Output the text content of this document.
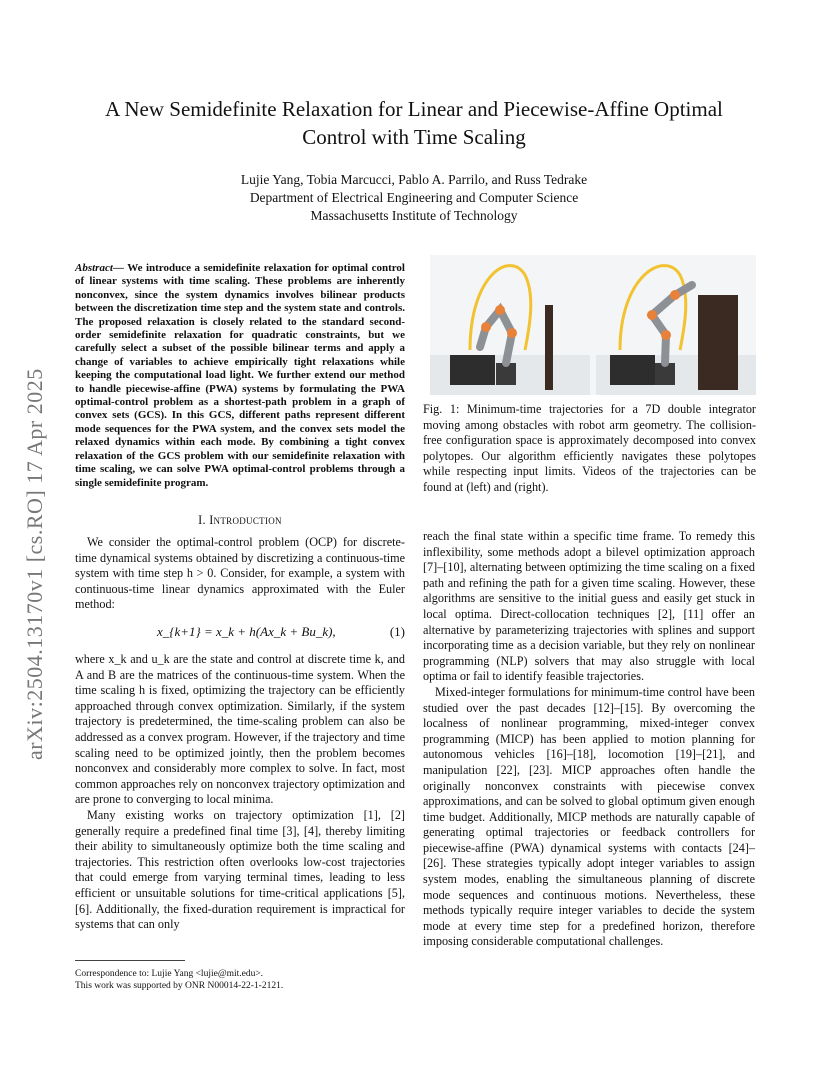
arXiv:2504.13170v1 [cs.RO] 17 Apr 2025
A New Semidefinite Relaxation for Linear and Piecewise-Affine Optimal
Control with Time Scaling
Lujie Yang, Tobia Marcucci, Pablo A. Parrilo, and Russ Tedrake
Department of Electrical Engineering and Computer Science
Massachusetts Institute of Technology
Abstract— We introduce a semidefinite relaxation for optimal control of linear systems with time scaling. These problems are inherently nonconvex, since the system dynamics involves bilinear products between the discretization time step and the system state and controls. The proposed relaxation is closely related to the standard second-order semidefinite relaxation for quadratic constraints, but we carefully select a subset of the possible bilinear terms and apply a change of variables to achieve empirically tight relaxations while keeping the computational load light. We further extend our method to handle piecewise-affine (PWA) systems by formulating the PWA optimal-control problem as a shortest-path problem in a graph of convex sets (GCS). In this GCS, different paths represent different mode sequences for the PWA system, and the convex sets model the relaxed dynamics within each mode. By combining a tight convex relaxation of the GCS problem with our semidefinite relaxation with time scaling, we can solve PWA optimal-control problems through a single semidefinite program.
I. Introduction

We consider the optimal-control problem (OCP) for discrete-time dynamical systems obtained by discretizing a continuous-time system with time step h > 0. Consider, for example, a system with continuous-time linear dynamics approximated with the Euler method:

x_{k+1} = x_k + h(Ax_k + Bu_k),	(1)

where x_k and u_k are the state and control at discrete time k, and A and B are the matrices of the continuous-time system. When the time scaling h is fixed, optimizing the trajectory can be efficiently approached through convex optimization. Similarly, if the system trajectory is predetermined, the time-scaling problem can also be addressed as a convex program. However, if the trajectory and time scaling need to be optimized jointly, then the problem becomes nonconvex and considerably more complex to solve. In fact, most common approaches rely on nonconvex trajectory optimization and are prone to converging to local minima.

Many existing works on trajectory optimization [1], [2] generally require a predefined final time [3], [4], thereby limiting their ability to simultaneously optimize both the time scaling and trajectories. This restriction often overlooks low-cost trajectories that could emerge from varying terminal times, leading to less efficient or unsuitable solutions for time-critical applications [5], [6]. Additionally, the fixed-duration requirement is impractical for systems that can only

Correspondence to: Lujie Yang <lujie@mit.edu>.
This work was supported by ONR N00014-22-1-2121.
Fig. 1: Minimum-time trajectories for a 7D double integrator moving among obstacles with robot arm geometry. The collision-free configuration space is approximately decomposed into convex polytopes. Our algorithm efficiently navigates these polytopes while respecting input limits. Videos of the trajectories can be found at (left) and (right).

reach the final state within a specific time frame. To remedy this inflexibility, some methods adopt a bilevel optimization approach [7]–[10], alternating between optimizing the time scaling on a fixed path and refining the path for a given time scaling. However, these algorithms are sensitive to the initial guess and easily get stuck in local optima. Direct-collocation techniques [2], [11] offer an alternative by parameterizing trajectories with splines and support incorporating time as a decision variable, but they rely on nonlinear programming (NLP) solvers that may also struggle with local optima or fail to identify feasible trajectories.

Mixed-integer formulations for minimum-time control have been studied over the past decades [12]–[15]. By overcoming the localness of nonlinear programming, mixed-integer convex programming (MICP) has been applied to motion planning for autonomous vehicles [16]–[18], locomotion [19]–[21], and manipulation [22], [23]. MICP approaches often handle the originally nonconvex constraints with piecewise convex approximations, and can be solved to global optimum given enough time budget. Additionally, MICP methods are naturally capable of generating optimal trajectories or feedback controllers for piecewise-affine (PWA) dynamical systems with contacts [24]–[26]. These strategies typically adopt integer variables to assign system modes, enabling the simultaneous planning of discrete mode sequences and continuous motions. Nevertheless, these methods typically require integer variables to decide the system mode at every time step for a predefined horizon, therefore imposing considerable computational challenges.
